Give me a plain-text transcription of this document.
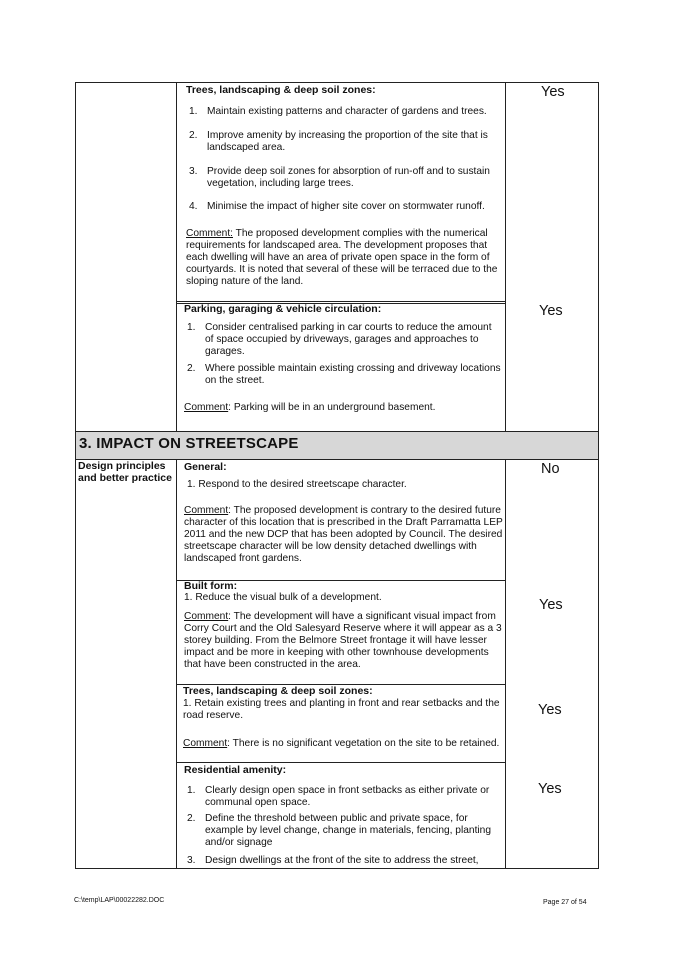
Trees, landscaping & deep soil zones:
1. Maintain existing patterns and character of gardens and trees.
2. Improve amenity by increasing the proportion of the site that is landscaped area.
3. Provide deep soil zones for absorption of run-off and to sustain vegetation, including large trees.
4. Minimise the impact of higher site cover on stormwater runoff.
Comment: The proposed development complies with the numerical requirements for landscaped area. The development proposes that each dwelling will have an area of private open space in the form of courtyards. It is noted that several of these will be terraced due to the sloping nature of the land.
Yes
Parking, garaging & vehicle circulation:
1. Consider centralised parking in car courts to reduce the amount of space occupied by driveways, garages and approaches to garages.
2. Where possible maintain existing crossing and driveway locations on the street.
Comment: Parking will be in an underground basement.
Yes
3. IMPACT ON STREETSCAPE
Design principles and better practice
General:
1. Respond to the desired streetscape character.
Comment: The proposed development is contrary to the desired future character of this location that is prescribed in the Draft Parramatta LEP 2011 and the new DCP that has been adopted by Council. The desired streetscape character will be low density detached dwellings with landscaped front gardens.
No
Built form:
1. Reduce the visual bulk of a development.
Comment: The development will have a significant visual impact from Corry Court and the Old Salesyard Reserve where it will appear as a 3 storey building. From the Belmore Street frontage it will have lesser impact and be more in keeping with other townhouse developments that have been constructed in the area.
Yes
Trees, landscaping & deep soil zones:
1. Retain existing trees and planting in front and rear setbacks and the road reserve.
Comment: There is no significant vegetation on the site to be retained.
Yes
Residential amenity:
1. Clearly design open space in front setbacks as either private or communal open space.
2. Define the threshold between public and private space, for example by level change, change in materials, fencing, planting and/or signage
3. Design dwellings at the front of the site to address the street,
Yes
C:\temp\LAP\00022282.DOC	Page 27 of 54
